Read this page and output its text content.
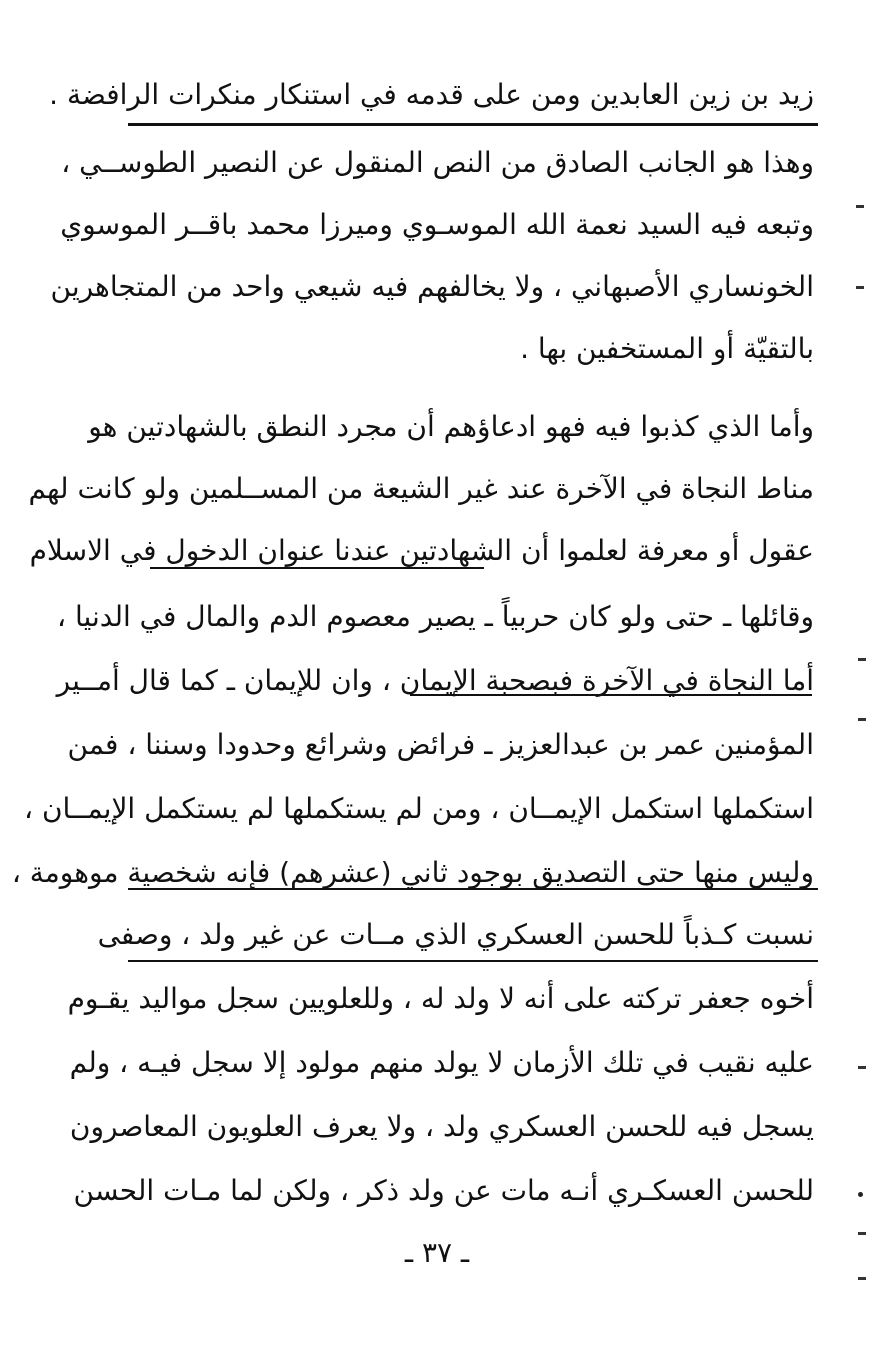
زيد بن زين العابدين ومن على قدمه في استنكار منكرات الرافضة .
وهذا هو الجانب الصادق من النص المنقول عن النصير الطوســي ،
وتبعه فيه السيد نعمة الله الموسـوي وميرزا محمد باقــر الموسوي
الخونساري الأصبهاني ، ولا يخالفهم فيه شيعي واحد من المتجاهرين
بالتقيّة أو المستخفين بها .
وأما الذي كذبوا فيه فهو ادعاؤهم أن مجرد النطق بالشهادتين هو
مناط النجاة في الآخرة عند غير الشيعة من المســلمين ولو كانت لهم
عقول أو معرفة لعلموا أن الشهادتين عندنا عنوان الدخول في الاسلام
وقائلها ـ حتى ولو كان حربياً ـ يصير معصوم الدم والمال في الدنيا ،
أما النجاة في الآخرة فبصحبة الإيمان ، وان للإيمان ـ كما قال أمــير
المؤمنين عمر بن عبدالعزيز ـ فرائض وشرائع وحدودا وسننا ، فمن
استكملها استكمل الإيمــان ، ومن لم يستكملها لم يستكمل الإيمــان ،
وليس منها حتى التصديق بوجود ثاني (عشرهم) فإنه شخصية موهومة ،
نسبت كـذباً للحسن العسكري الذي مــات عن غير ولد ، وصفى
أخوه جعفر تركته على أنه لا ولد له ، وللعلويين سجل مواليد يقـوم
عليه نقيب في تلك الأزمان لا يولد منهم مولود إلا سجل فيـه ، ولم
يسجل فيه للحسن العسكري ولد ، ولا يعرف العلويون المعاصرون
للحسن العسكـري أنـه مات عن ولد ذكر ، ولكن لما مـات الحسن
ـ ٣٧ ـ
